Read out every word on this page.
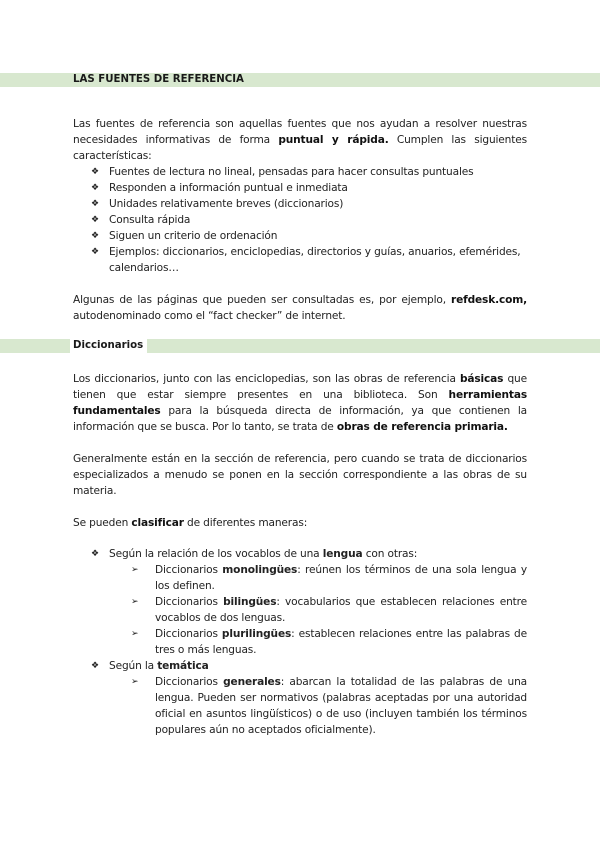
LAS FUENTES DE REFERENCIA

Las fuentes de referencia son aquellas fuentes que nos ayudan a resolver nuestras necesidades informativas de forma puntual y rápida. Cumplen las siguientes características:

❖ Fuentes de lectura no lineal, pensadas para hacer consultas puntuales
❖ Responden a información puntual e inmediata
❖ Unidades relativamente breves (diccionarios)
❖ Consulta rápida
❖ Siguen un criterio de ordenación
❖ Ejemplos: diccionarios, enciclopedias, directorios y guías, anuarios, efemérides, calendarios…

Algunas de las páginas que pueden ser consultadas es, por ejemplo, refdesk.com, autodenominado como el “fact checker” de internet.

Diccionarios

Los diccionarios, junto con las enciclopedias, son las obras de referencia básicas que tienen que estar siempre presentes en una biblioteca. Son herramientas fundamentales para la búsqueda directa de información, ya que contienen la información que se busca. Por lo tanto, se trata de obras de referencia primaria.

Generalmente están en la sección de referencia, pero cuando se trata de diccionarios especializados a menudo se ponen en la sección correspondiente a las obras de su materia.

Se pueden clasificar de diferentes maneras:

❖ Según la relación de los vocablos de una lengua con otras:
➢ Diccionarios monolingües: reúnen los términos de una sola lengua y los definen.
➢ Diccionarios bilingües: vocabularios que establecen relaciones entre vocablos de dos lenguas.
➢ Diccionarios plurilingües: establecen relaciones entre las palabras de tres o más lenguas.
❖ Según la temática
➢ Diccionarios generales: abarcan la totalidad de las palabras de una lengua. Pueden ser normativos (palabras aceptadas por una autoridad oficial en asuntos lingüísticos) o de uso (incluyen también los términos populares aún no aceptados oficialmente).
